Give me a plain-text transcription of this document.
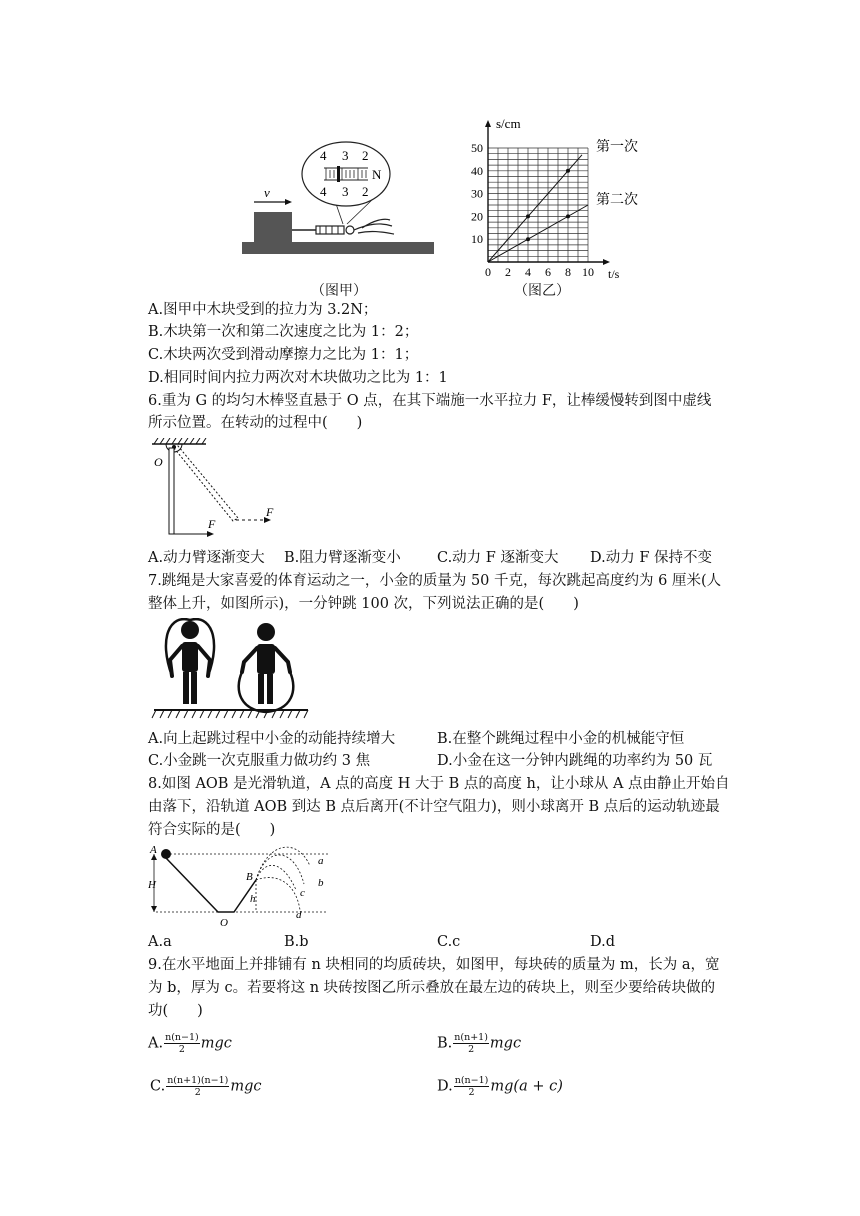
v
4 3 2
N
4 3 2
（图甲）
0 2 4 6 8 10
10
20
30
40
50
t/s
s/cm
第一次
第二次
（图乙）
A.图甲中木块受到的拉力为 3.2N；
B.木块第一次和第二次速度之比为 1：2；
C.木块两次受到滑动摩擦力之比为 1：1；
D.相同时间内拉力两次对木块做功之比为 1：1
6.重为 G 的均匀木棒竖直悬于 O 点，在其下端施一水平拉力 F，让棒缓慢转到图中虚线
所示位置。在转动的过程中(　　)
O
F
F
A.动力臂逐渐变大 B.阻力臂逐渐变小 C.动力 F 逐渐变大 D.动力 F 保持不变
7.跳绳是大家喜爱的体育运动之一，小金的质量为 50 千克，每次跳起高度约为 6 厘米(人
整体上升，如图所示)，一分钟跳 100 次，下列说法正确的是(　　)
A.向上起跳过程中小金的动能持续增大	B.在整个跳绳过程中小金的机械能守恒
C.小金跳一次克服重力做功约 3 焦	D.小金在这一分钟内跳绳的功率约为 50 瓦
8.如图 AOB 是光滑轨道，A 点的高度 H 大于 B 点的高度 h，让小球从 A 点由静止开始自
由落下，沿轨道 AOB 到达 B 点后离开(不计空气阻力)，则小球离开 B 点后的运动轨迹最
符合实际的是(　　)
A
H
B
h
O
a
b
c
d
A.a	B.b	C.c	D.d
9.在水平地面上并排铺有 n 块相同的均质砖块，如图甲，每块砖的质量为 m，长为 a，宽
为 b，厚为 c。若要将这 n 块砖按图乙所示叠放在最左边的砖块上，则至少要给砖块做的
功(　　)
A. $\frac{n(n-1)}{2}$ mgc	B. $\frac{n(n+1)}{2}$ mgc
C. $\frac{n(n+1)(n-1)}{2}$ mgc	D. $\frac{n(n-1)}{2} mg(a + c)$
